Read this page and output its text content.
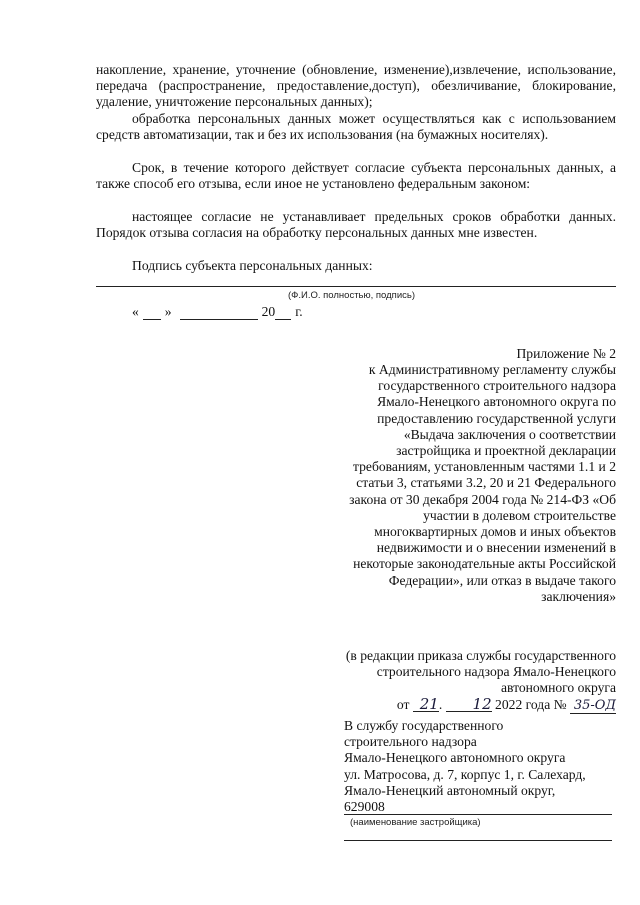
накопление, хранение, уточнение (обновление, изменение),извлечение, использование, передача (распространение, предоставление,доступ), обезличивание, блокирование, удаление, уничтожение персональных данных);

обработка персональных данных может осуществляться как с использованием средств автоматизации, так и без их использования (на бумажных носителях).

Срок, в течение которого действует согласие субъекта персональных данных, а также способ его отзыва, если иное не установлено федеральным законом:

настоящее согласие не устанавливает предельных сроков обработки данных. Порядок отзыва согласия на обработку персональных данных мне известен.

Подпись субъекта персональных данных:

(Ф.И.О. полностью, подпись)
« »	20 г.

Приложение № 2

к Административному регламенту службы государственного строительного надзора Ямало-Ненецкого автономного округа по предоставлению государственной услуги «Выдача заключения о соответствии застройщика и проектной декларации требованиям, установленным частями 1.1 и 2 статьи 3, статьями 3.2, 20 и 21 Федерального закона от 30 декабря 2004 года № 214-ФЗ «Об участии в долевом строительстве многоквартирных домов и иных объектов недвижимости и о внесении изменений в некоторые законодательные акты Российской Федерации», или отказ в выдаче такого заключения»

(в редакции приказа службы государственного строительного надзора Ямало-Ненецкого автономного округа

от 21. 12 2022 года № 35-ОД
В службу государственного
строительного надзора
Ямало-Ненецкого автономного округа
ул. Матросова, д. 7, корпус 1, г. Салехард,
Ямало-Ненецкий автономный округ,
629008
(наименование застройщика)
